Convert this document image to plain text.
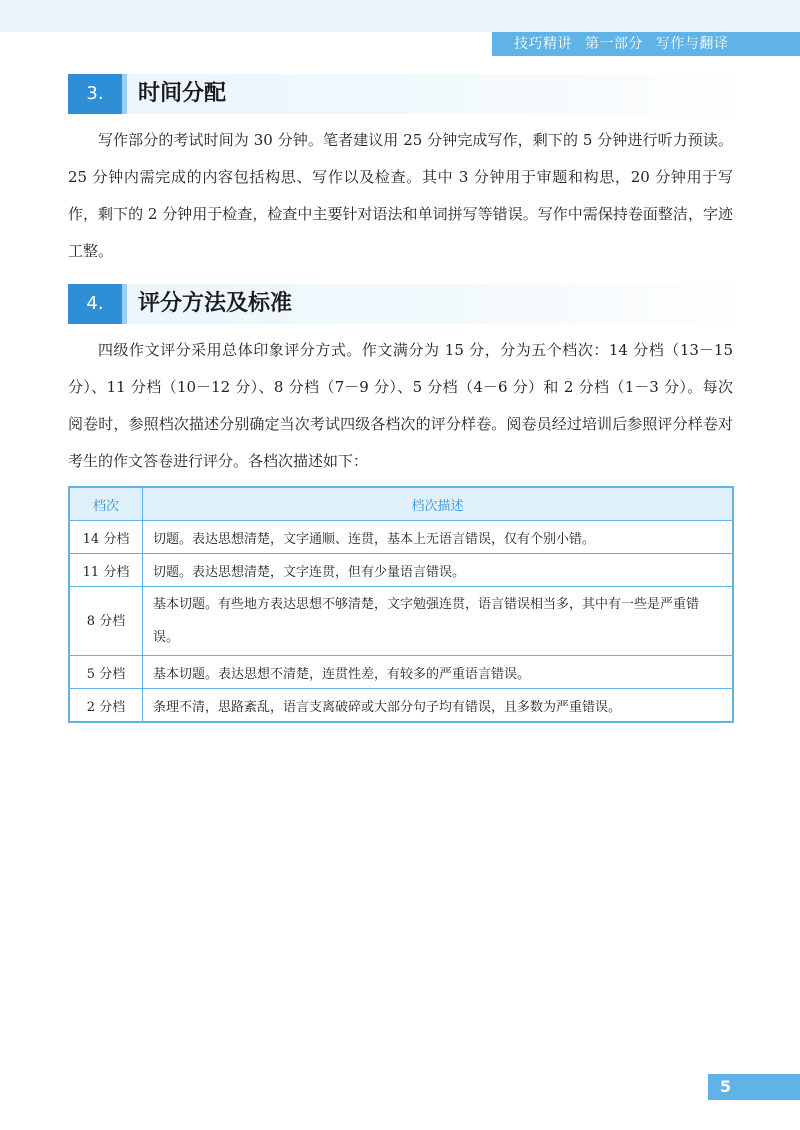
技巧精讲 第一部分 写作与翻译
3.	时间分配

写作部分的考试时间为 30 分钟。笔者建议用 25 分钟完成写作，剩下的 5 分钟进行听力预读。25 分钟内需完成的内容包括构思、写作以及检查。其中 3 分钟用于审题和构思，20 分钟用于写作，剩下的 2 分钟用于检查，检查中主要针对语法和单词拼写等错误。写作中需保持卷面整洁，字迹工整。

4.	评分方法及标准

四级作文评分采用总体印象评分方式。作文满分为 15 分，分为五个档次：14 分档（13－15 分）、11 分档（10－12 分）、8 分档（7－9 分）、5 分档（4－6 分）和 2 分档（1－3 分）。每次阅卷时，参照档次描述分别确定当次考试四级各档次的评分样卷。阅卷员经过培训后参照评分样卷对考生的作文答卷进行评分。各档次描述如下：

档次	档次描述
14 分档	切题。表达思想清楚，文字通顺、连贯，基本上无语言错误，仅有个别小错。
11 分档	切题。表达思想清楚，文字连贯，但有少量语言错误。
8 分档	基本切题。有些地方表达思想不够清楚，文字勉强连贯，语言错误相当多，其中有一些是严重错误。
5 分档	基本切题。表达思想不清楚，连贯性差，有较多的严重语言错误。
2 分档	条理不清，思路紊乱，语言支离破碎或大部分句子均有错误，且多数为严重错误。
5
